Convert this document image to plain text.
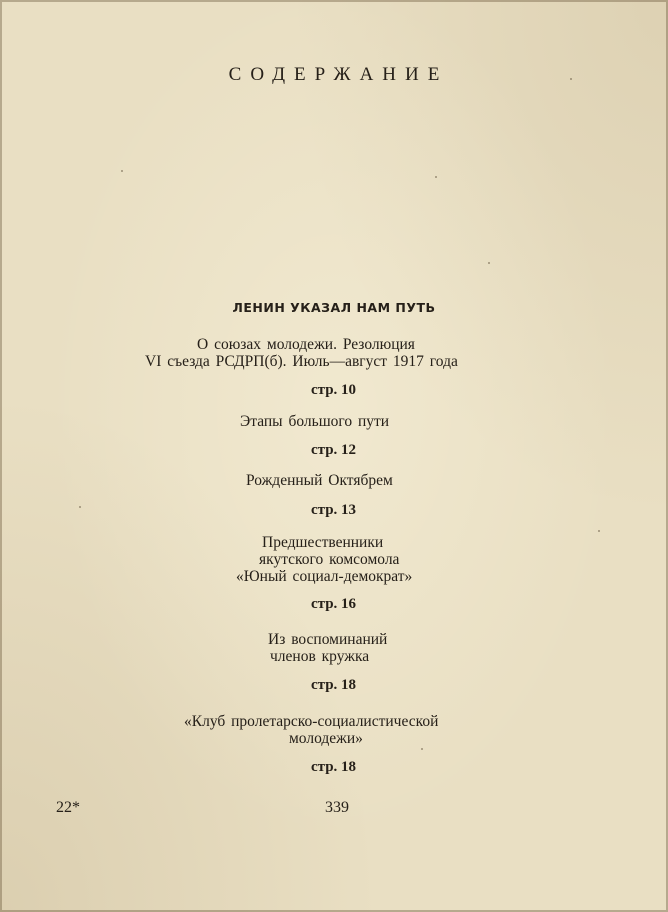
СОДЕРЖАНИЕ
ЛЕНИН УКАЗАЛ НАМ ПУТЬ
О союзах молодежи. Резолюция
VI съезда РСДРП(б). Июль—август 1917 года
стр. 10
Этапы большого пути
стр. 12
Рожденный Октябрем
стр. 13
Предшественники
якутского комсомола
«Юный социал-демократ»
стр. 16
Из воспоминаний
членов кружка
стр. 18
«Клуб пролетарско-социалистической
молодежи»
стр. 18
22*	339
